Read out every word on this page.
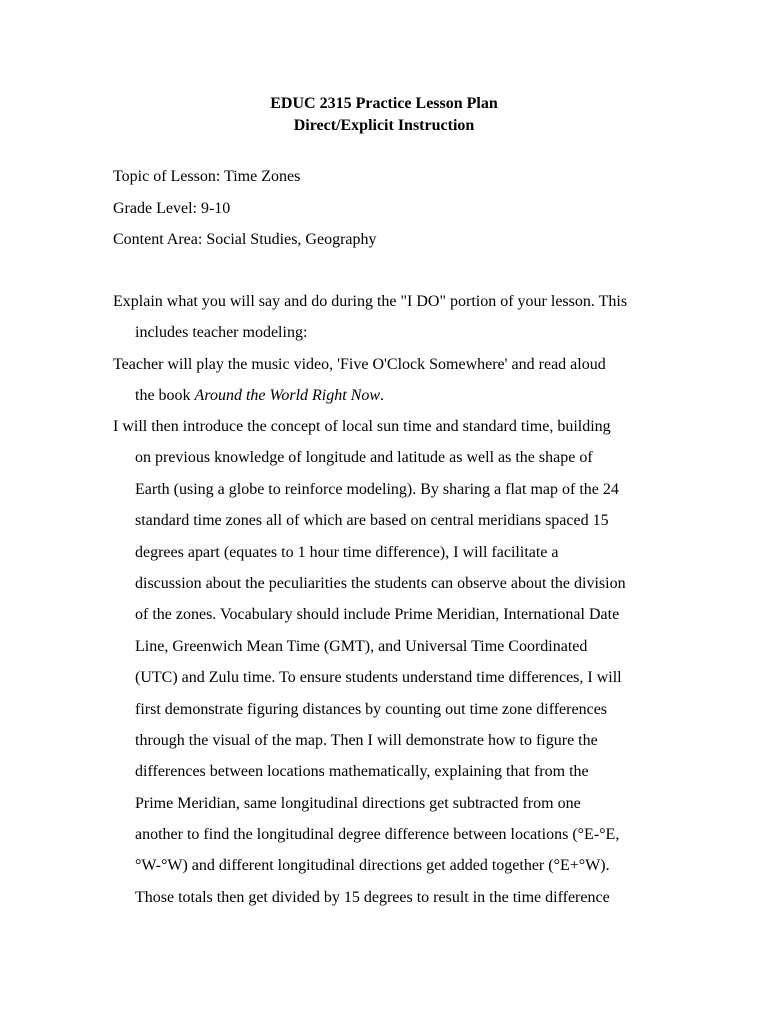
EDUC 2315 Practice Lesson Plan
Direct/Explicit Instruction
Topic of Lesson: Time Zones
Grade Level: 9-10
Content Area: Social Studies, Geography
Explain what you will say and do during the "I DO" portion of your lesson. This
includes teacher modeling:
Teacher will play the music video, 'Five O'Clock Somewhere' and read aloud
the book Around the World Right Now.
I will then introduce the concept of local sun time and standard time, building
on previous knowledge of longitude and latitude as well as the shape of
Earth (using a globe to reinforce modeling). By sharing a flat map of the 24
standard time zones all of which are based on central meridians spaced 15
degrees apart (equates to 1 hour time difference), I will facilitate a
discussion about the peculiarities the students can observe about the division
of the zones. Vocabulary should include Prime Meridian, International Date
Line, Greenwich Mean Time (GMT), and Universal Time Coordinated
(UTC) and Zulu time. To ensure students understand time differences, I will
first demonstrate figuring distances by counting out time zone differences
through the visual of the map. Then I will demonstrate how to figure the
differences between locations mathematically, explaining that from the
Prime Meridian, same longitudinal directions get subtracted from one
another to find the longitudinal degree difference between locations (°E-°E,
°W-°W) and different longitudinal directions get added together (°E+°W).
Those totals then get divided by 15 degrees to result in the time difference
